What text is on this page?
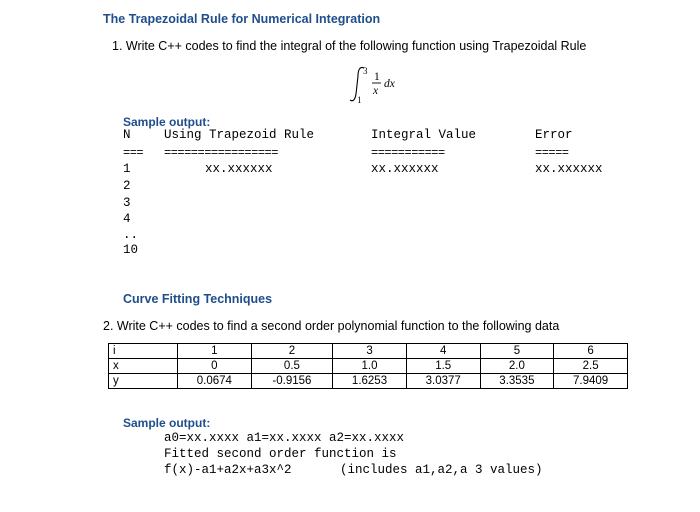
The Trapezoidal Rule for Numerical Integration
1. Write C++ codes to find the integral of the following function using Trapezoidal Rule
3
1
1
x
dx
Sample output:
N	Using Trapezoid Rule	Integral Value	Error
=== =================	===========	=====
1	xx.xxxxxx	xx.xxxxxx	xx.xxxxxx
2
3
4
..
10
Curve Fitting Techniques
2. Write C++ codes to find a second order polynomial function to the following data
i	1	2	3	4	5	6
x	0	0.5	1.0	1.5	2.0	2.5
y	0.0674	-0.9156	1.6253	3.0377	3.3535	7.9409
Sample output:
a0=xx.xxxx a1=xx.xxxx a2=xx.xxxx
Fitted second order function is
f(x)-a1+a2x+a3x^2	(includes a1,a2,a 3 values)
